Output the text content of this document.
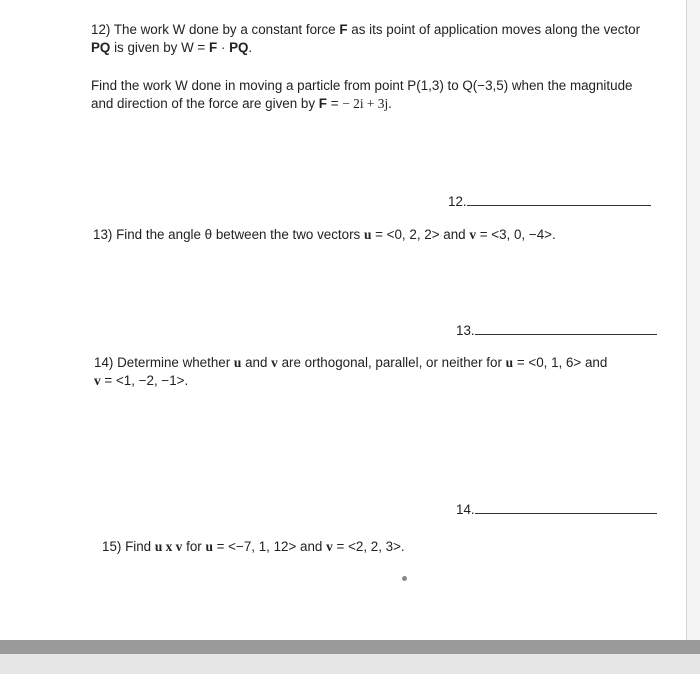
12) The work W done by a constant force F as its point of application moves along the vector
PQ is given by W = F · PQ.
Find the work W done in moving a particle from point P(1,3) to Q(−3,5) when the magnitude
and direction of the force are given by F = − 2i + 3j.
12.
13) Find the angle θ between the two vectors u = <0, 2, 2> and v = <3, 0, −4>.
13.
14) Determine whether u and v are orthogonal, parallel, or neither for u = <0, 1, 6> and
v = <1, −2, −1>.
14.
15) Find u x v for u = <−7, 1, 12> and v = <2, 2, 3>.
